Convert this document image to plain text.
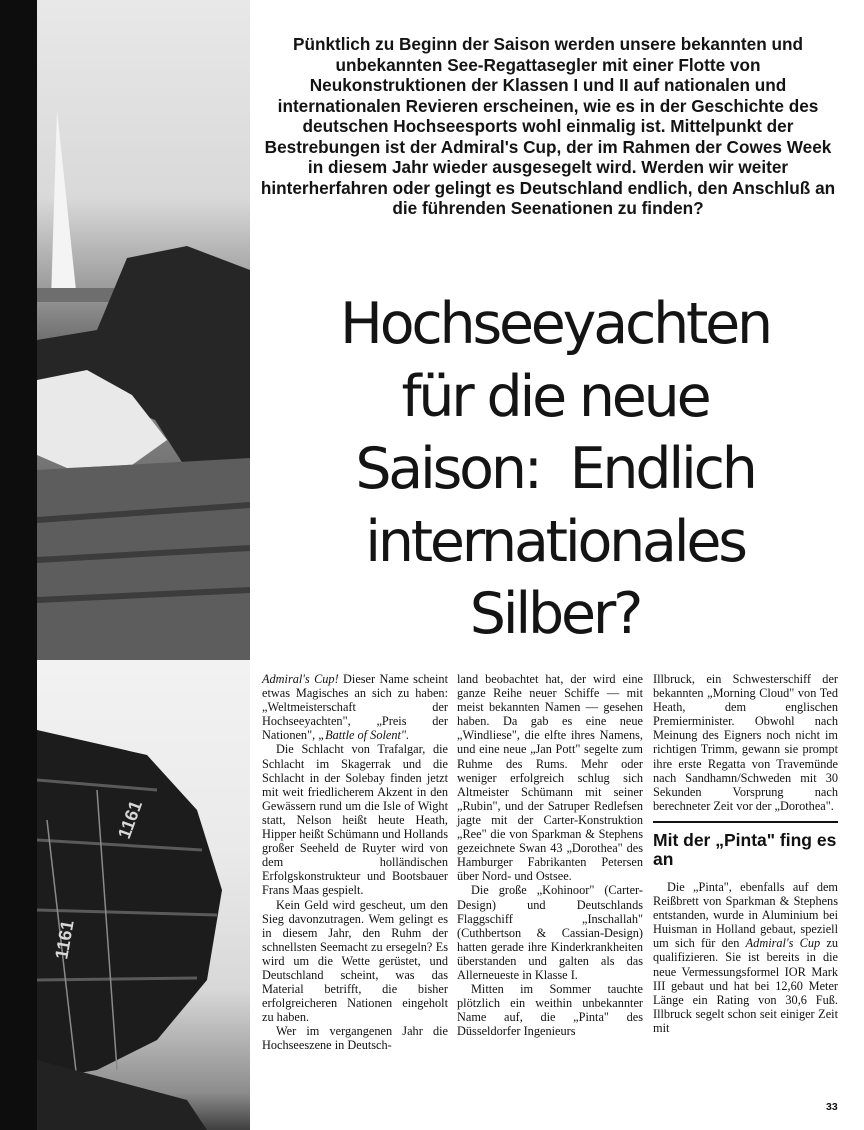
1161
1161
Pünktlich zu Beginn der Saison werden unsere bekannten und unbekannten See-Regattasegler mit einer Flotte von Neukonstruktionen der Klassen I und II auf nationalen und internationalen Revieren erscheinen, wie es in der Geschichte des deutschen Hochseesports wohl einmalig ist. Mittelpunkt der Bestrebungen ist der Admiral's Cup, der im Rahmen der Cowes Week in diesem Jahr wieder ausgesegelt wird. Werden wir weiter hinterherfahren oder gelingt es Deutschland endlich, den Anschluß an die führenden Seenationen zu finden?
Hochseeyachten
für die neue
Saison:  Endlich
internationales
Silber?

Admiral's Cup! Dieser Name scheint etwas Magisches an sich zu haben: „Weltmeisterschaft der Hochseeyachten", „Preis der Nationen", „Battle of Solent".

Die Schlacht von Trafalgar, die Schlacht im Skagerrak und die Schlacht in der Solebay finden jetzt mit weit friedlicherem Akzent in den Gewässern rund um die Isle of Wight statt, Nelson heißt heute Heath, Hipper heißt Schümann und Hollands großer Seeheld de Ruyter wird von dem holländischen Erfolgskonstrukteur und Bootsbauer Frans Maas gespielt.

Kein Geld wird gescheut, um den Sieg davonzutragen. Wem gelingt es in diesem Jahr, den Ruhm der schnellsten Seemacht zu ersegeln? Es wird um die Wette gerüstet, und Deutschland scheint, was das Material betrifft, die bisher erfolgreicheren Nationen eingeholt zu haben.

Wer im vergangenen Jahr die Hochseeszene in Deutsch-

land beobachtet hat, der wird eine ganze Reihe neuer Schiffe — mit meist bekannten Namen — gesehen haben. Da gab es eine neue „Windliese", die elfte ihres Namens, und eine neue „Jan Pott" segelte zum Ruhme des Rums. Mehr oder weniger erfolgreich schlug sich Altmeister Schümann mit seiner „Rubin", und der Satruper Redlefsen jagte mit der Carter-Konstruktion „Ree" die von Sparkman & Stephens gezeichnete Swan 43 „Dorothea" des Hamburger Fabrikanten Petersen über Nord- und Ostsee.

Die große „Kohinoor" (Carter-Design) und Deutschlands Flaggschiff „Inschallah" (Cuthbertson & Cassian-Design) hatten gerade ihre Kinderkrankheiten überstanden und galten als das Allerneueste in Klasse I.

Mitten im Sommer tauchte plötzlich ein weithin unbekannter Name auf, die „Pinta" des Düsseldorfer Ingenieurs

Illbruck, ein Schwesterschiff der bekannten „Morning Cloud" von Ted Heath, dem englischen Premierminister. Obwohl nach Meinung des Eigners noch nicht im richtigen Trimm, gewann sie prompt ihre erste Regatta von Travemünde nach Sandhamn/Schweden mit 30 Sekunden Vorsprung nach berechneter Zeit vor der „Dorothea".

Mit der „Pinta" fing es an

Die „Pinta", ebenfalls auf dem Reißbrett von Sparkman & Stephens entstanden, wurde in Aluminium bei Huisman in Holland gebaut, speziell um sich für den Admiral's Cup zu qualifizieren. Sie ist bereits in die neue Vermessungsformel IOR Mark III gebaut und hat bei 12,60 Meter Länge ein Rating von 30,6 Fuß. Illbruck segelt schon seit einiger Zeit mit

33
